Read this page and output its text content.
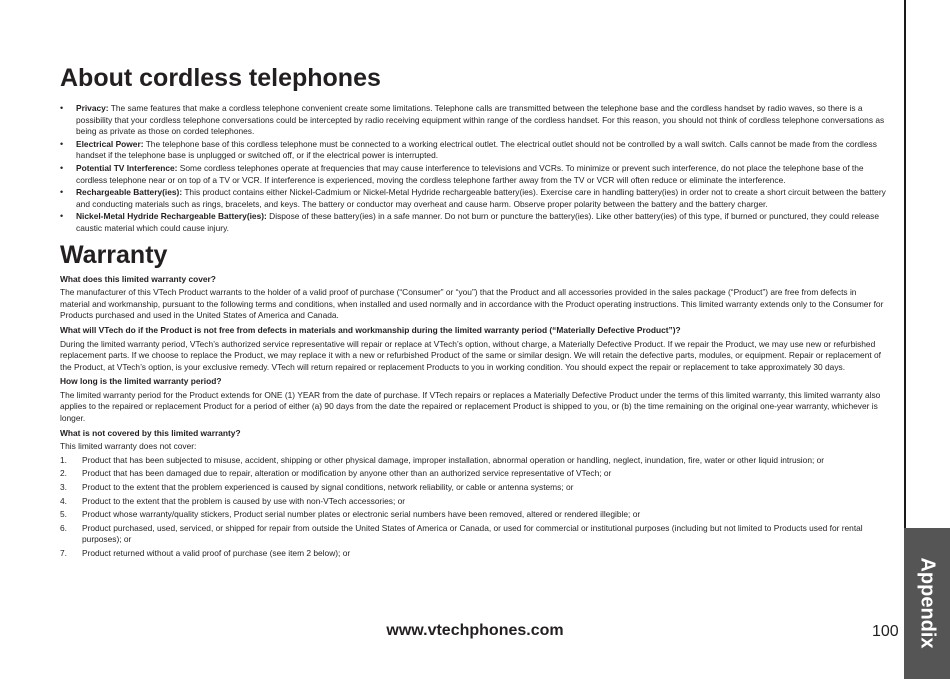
Appendix
About cordless telephones
• Privacy: The same features that make a cordless telephone convenient create some limitations. Telephone calls are transmitted between the telephone base and the cordless handset by radio waves, so there is a possibility that your cordless telephone conversations could be intercepted by radio receiving equipment within range of the cordless handset. For this reason, you should not think of cordless telephone conversations as being as private as those on corded telephones.
• Electrical Power: The telephone base of this cordless telephone must be connected to a working electrical outlet. The electrical outlet should not be controlled by a wall switch. Calls cannot be made from the cordless handset if the telephone base is unplugged or switched off, or if the electrical power is interrupted.
• Potential TV Interference: Some cordless telephones operate at frequencies that may cause interference to televisions and VCRs. To minimize or prevent such interference, do not place the telephone base of the cordless telephone near or on top of a TV or VCR. If interference is experienced, moving the cordless telephone farther away from the TV or VCR will often reduce or eliminate the interference.
• Rechargeable Battery(ies): This product contains either Nickel-Cadmium or Nickel-Metal Hydride rechargeable battery(ies). Exercise care in handling battery(ies) in order not to create a short circuit between the battery and conducting materials such as rings, bracelets, and keys. The battery or conductor may overheat and cause harm. Observe proper polarity between the battery and the battery charger.
• Nickel-Metal Hydride Rechargeable Battery(ies): Dispose of these battery(ies) in a safe manner. Do not burn or puncture the battery(ies). Like other battery(ies) of this type, if burned or punctured, they could release caustic material which could cause injury.
Warranty

What does this limited warranty cover?

The manufacturer of this VTech Product warrants to the holder of a valid proof of purchase (“Consumer” or “you”) that the Product and all accessories provided in the sales package (“Product”) are free from defects in material and workmanship, pursuant to the following terms and conditions, when installed and used normally and in accordance with the Product operating instructions. This limited warranty extends only to the Consumer for Products purchased and used in the United States of America and Canada.

What will VTech do if the Product is not free from defects in materials and workmanship during the limited warranty period (“Materially Defective Product”)?

During the limited warranty period, VTech’s authorized service representative will repair or replace at VTech’s option, without charge, a Materially Defective Product. If we repair the Product, we may use new or refurbished replacement parts. If we choose to replace the Product, we may replace it with a new or refurbished Product of the same or similar design. We will retain the defective parts, modules, or equipment. Repair or replacement of the Product, at VTech’s option, is your exclusive remedy. VTech will return repaired or replacement Products to you in working condition. You should expect the repair or replacement to take approximately 30 days.

How long is the limited warranty period?

The limited warranty period for the Product extends for ONE (1) YEAR from the date of purchase. If VTech repairs or replaces a Materially Defective Product under the terms of this limited warranty, this limited warranty also applies to the repaired or replacement Product for a period of either (a) 90 days from the date the repaired or replacement Product is shipped to you, or (b) the time remaining on the original one-year warranty, whichever is longer.

What is not covered by this limited warranty?

This limited warranty does not cover:

1. Product that has been subjected to misuse, accident, shipping or other physical damage, improper installation, abnormal operation or handling, neglect, inundation, fire, water or other liquid intrusion; or
2. Product that has been damaged due to repair, alteration or modification by anyone other than an authorized service representative of VTech; or
3. Product to the extent that the problem experienced is caused by signal conditions, network reliability, or cable or antenna systems; or
4. Product to the extent that the problem is caused by use with non-VTech accessories; or
5. Product whose warranty/quality stickers, Product serial number plates or electronic serial numbers have been removed, altered or rendered illegible; or
6. Product purchased, used, serviced, or shipped for repair from outside the United States of America or Canada, or used for commercial or institutional purposes (including but not limited to Products used for rental purposes); or
7. Product returned without a valid proof of purchase (see item 2 below); or
www.vtechphones.com	100
